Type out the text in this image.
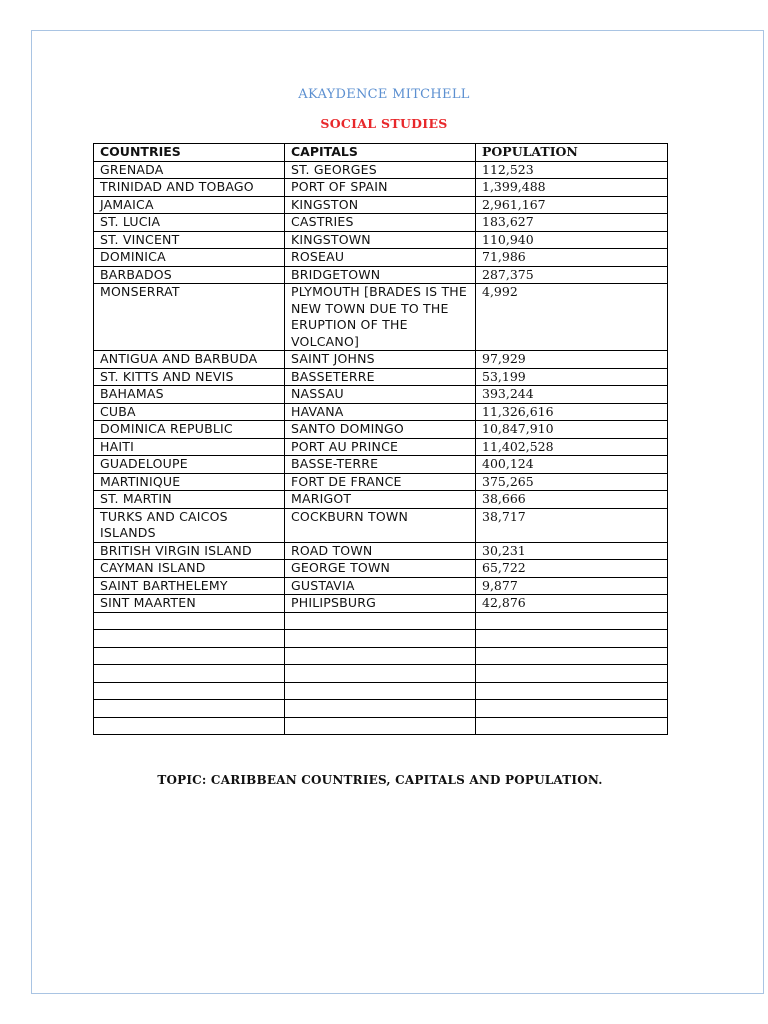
AKAYDENCE MITCHELL
SOCIAL STUDIES
COUNTRIES	CAPITALS	POPULATION
GRENADA	ST. GEORGES	112,523
TRINIDAD AND TOBAGO	PORT OF SPAIN	1,399,488
JAMAICA	KINGSTON	2,961,167
ST. LUCIA	CASTRIES	183,627
ST. VINCENT	KINGSTOWN	110,940
DOMINICA	ROSEAU	71,986
BARBADOS	BRIDGETOWN	287,375
MONSERRAT	PLYMOUTH [BRADES IS THE NEW TOWN DUE TO THE ERUPTION OF THE VOLCANO]	4,992
ANTIGUA AND BARBUDA	SAINT JOHNS	97,929
ST. KITTS AND NEVIS	BASSETERRE	53,199
BAHAMAS	NASSAU	393,244
CUBA	HAVANA	11,326,616
DOMINICA REPUBLIC	SANTO DOMINGO	10,847,910
HAITI	PORT AU PRINCE	11,402,528
GUADELOUPE	BASSE-TERRE	400,124
MARTINIQUE	FORT DE FRANCE	375,265
ST. MARTIN	MARIGOT	38,666
TURKS AND CAICOS ISLANDS	COCKBURN TOWN	38,717
BRITISH VIRGIN ISLAND	ROAD TOWN	30,231
CAYMAN ISLAND	GEORGE TOWN	65,722
SAINT BARTHELEMY	GUSTAVIA	9,877
SINT MAARTEN	PHILIPSBURG	42,876

TOPIC: CARIBBEAN COUNTRIES, CAPITALS AND POPULATION.
